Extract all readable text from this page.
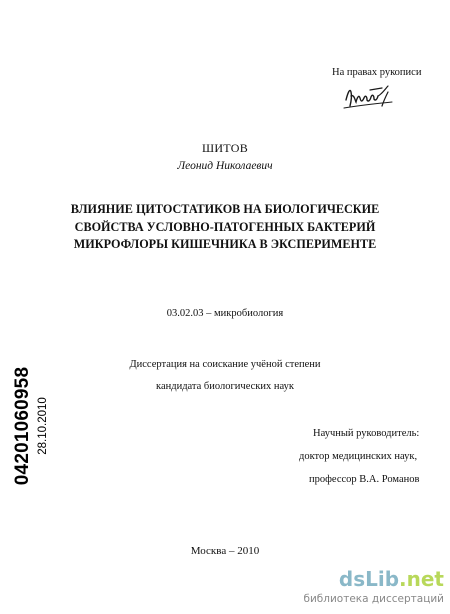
На правах рукописи
ШИТОВ
Леонид Николаевич
ВЛИЯНИЕ ЦИТОСТАТИКОВ НА БИОЛОГИЧЕСКИЕ
СВОЙСТВА УСЛОВНО-ПАТОГЕННЫХ БАКТЕРИЙ
МИКРОФЛОРЫ КИШЕЧНИКА В ЭКСПЕРИМЕНТЕ
03.02.03 – микробиология
Диссертация на соискание учёной степени
кандидата биологических наук
Научный руководитель:
доктор медицинских наук,
профессор В.А. Романов
Москва – 2010
04201060958 28.10.2010
dsLib.net
библиотека диссертаций
